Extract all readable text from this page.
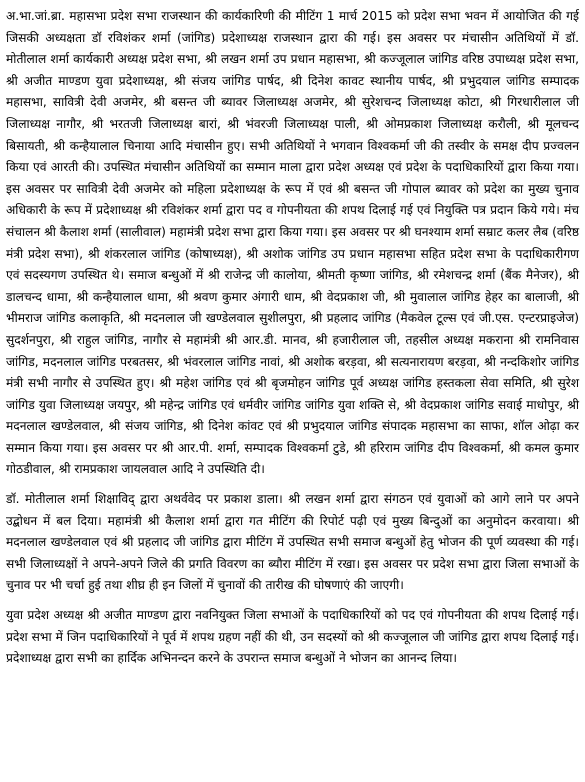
अ.भा.जां.ब्रा. महासभा प्रदेश सभा राजस्थान की कार्यकारिणी की मीटिंग 1 मार्च 2015 को प्रदेश सभा भवन में आयोजित की गई जिसकी अध्यक्षता डॉ रविशंकर शर्मा (जांगिड) प्रदेशाध्यक्ष राजस्थान द्वारा की गई। इस अवसर पर मंचासीन अतिथियों में डॉ. मोतीलाल शर्मा कार्यकारी अध्यक्ष प्रदेश सभा, श्री लखन शर्मा उप प्रधान महासभा, श्री कज्जूलाल जांगिड वरिष्ठ उपाध्यक्ष प्रदेश सभा, श्री अजीत माण्डण युवा प्रदेशाध्यक्ष, श्री संजय जांगिड पार्षद, श्री दिनेश कावट स्थानीय पार्षद, श्री प्रभुदयाल जांगिड सम्पादक महासभा, सावित्री देवी अजमेर, श्री बसन्त जी ब्यावर जिलाध्यक्ष अजमेर, श्री सुरेशचन्द जिलाध्यक्ष कोटा, श्री गिरधारीलाल जी जिलाध्यक्ष नागौर, श्री भरतजी जिलाध्यक्ष बारां, श्री भंवरजी जिलाध्यक्ष पाली, श्री ओमप्रकाश जिलाध्यक्ष करौली, श्री मूलचन्द बिसायती, श्री कन्हैयालाल चिनाया आदि मंचासीन हुए। सभी अतिथियों ने भगवान विश्वकर्मा जी की तस्वीर के समक्ष दीप प्रज्वलन किया एवं आरती की। उपस्थित मंचासीन अतिथियों का सम्मान माला द्वारा प्रदेश अध्यक्ष एवं प्रदेश के पदाधिकारियों द्वारा किया गया। इस अवसर पर सावित्री देवी अजमेर को महिला प्रदेशाध्यक्ष के रूप में एवं श्री बसन्त जी गोपाल ब्यावर को प्रदेश का मुख्य चुनाव अधिकारी के रूप में प्रदेशाध्यक्ष श्री रविशंकर शर्मा द्वारा पद व गोपनीयता की शपथ दिलाई गई एवं नियुक्ति पत्र प्रदान किये गये। मंच संचालन श्री कैलाश शर्मा (सालीवाल) महामंत्री प्रदेश सभा द्वारा किया गया। इस अवसर पर श्री घनश्याम शर्मा सम्राट कलर लैब (वरिष्ठ मंत्री प्रदेश सभा), श्री शंकरलाल जांगिड (कोषाध्यक्ष), श्री अशोक जांगिड उप प्रधान महासभा सहित प्रदेश सभा के पदाधिकारीगण एवं सदस्यगण उपस्थित थे। समाज बन्धुओं में श्री राजेन्द्र जी कालोया, श्रीमती कृष्णा जांगिड, श्री रमेशचन्द्र शर्मा (बैंक मैनेजर), श्री डालचन्द धामा, श्री कन्हैयालाल धामा, श्री श्रवण कुमार अंगारी धाम, श्री वेदप्रकाश जी, श्री मुवालाल जांगिड हेहर का बालाजी, श्री भीमराज जांगिड कलाकृति, श्री मदनलाल जी खण्डेलवाल सुशीलपुरा, श्री प्रहलाद जांगिड (मैकवेल टूल्स एवं जी.एस. एन्टरप्राइजेज) सुदर्शनपुरा, श्री राहुल जांगिड, नागौर से महामंत्री श्री आर.डी. मानव, श्री हजारीलाल जी, तहसील अध्यक्ष मकराना श्री रामनिवास जांगिड, मदनलाल जांगिड परबतसर, श्री भंवरलाल जांगिड नावां, श्री अशोक बरड़वा, श्री सत्यनारायण बरड़वा, श्री नन्दकिशोर जांगिड मंत्री सभी नागौर से उपस्थित हुए। श्री महेश जांगिड एवं श्री बृजमोहन जांगिड पूर्व अध्यक्ष जांगिड हस्तकला सेवा समिति, श्री सुरेश जांगिड युवा जिलाध्यक्ष जयपुर, श्री महेन्द्र जांगिड एवं धर्मवीर जांगिड जांगिड युवा शक्ति से, श्री वेदप्रकाश जांगिड सवाई माधोपुर, श्री मदनलाल खण्डेलवाल, श्री संजय जांगिड, श्री दिनेश कांवट एवं श्री प्रभुदयाल जांगिड संपादक महासभा का साफा, शॉल ओढ़ा कर सम्मान किया गया। इस अवसर पर श्री आर.पी. शर्मा, सम्पादक विश्वकर्मा टुडे, श्री हरिराम जांगिड दीप विश्वकर्मा, श्री कमल कुमार गोठडीवाल, श्री रामप्रकाश जायलवाल आदि ने उपस्थिति दी।

डॉ. मोतीलाल शर्मा शिक्षाविद् द्वारा अथर्ववेद पर प्रकाश डाला। श्री लखन शर्मा द्वारा संगठन एवं युवाओं को आगे लाने पर अपने उद्बोधन में बल दिया। महामंत्री श्री कैलाश शर्मा द्वारा गत मीटिंग की रिपोर्ट पढ़ी एवं मुख्य बिन्दुओं का अनुमोदन करवाया। श्री मदनलाल खण्डेलवाल एवं श्री प्रहलाद जी जांगिड द्वारा मीटिंग में उपस्थित सभी समाज बन्धुओं हेतु भोजन की पूर्ण व्यवस्था की गई। सभी जिलाध्यक्षों ने अपने-अपने जिले की प्रगति विवरण का ब्यौरा मीटिंग में रखा। इस अवसर पर प्रदेश सभा द्वारा जिला सभाओं के चुनाव पर भी चर्चा हुई तथा शीघ्र ही इन जिलों में चुनावों की तारीख की घोषणाएं की जाएगी।

युवा प्रदेश अध्यक्ष श्री अजीत माण्डण द्वारा नवनियुक्त जिला सभाओं के पदाधिकारियों को पद एवं गोपनीयता की शपथ दिलाई गई। प्रदेश सभा में जिन पदाधिकारियों ने पूर्व में शपथ ग्रहण नहीं की थी, उन सदस्यों को श्री कज्जूलाल जी जांगिड द्वारा शपथ दिलाई गई। प्रदेशाध्यक्ष द्वारा सभी का हार्दिक अभिनन्दन करने के उपरान्त समाज बन्धुओं ने भोजन का आनन्द लिया।
